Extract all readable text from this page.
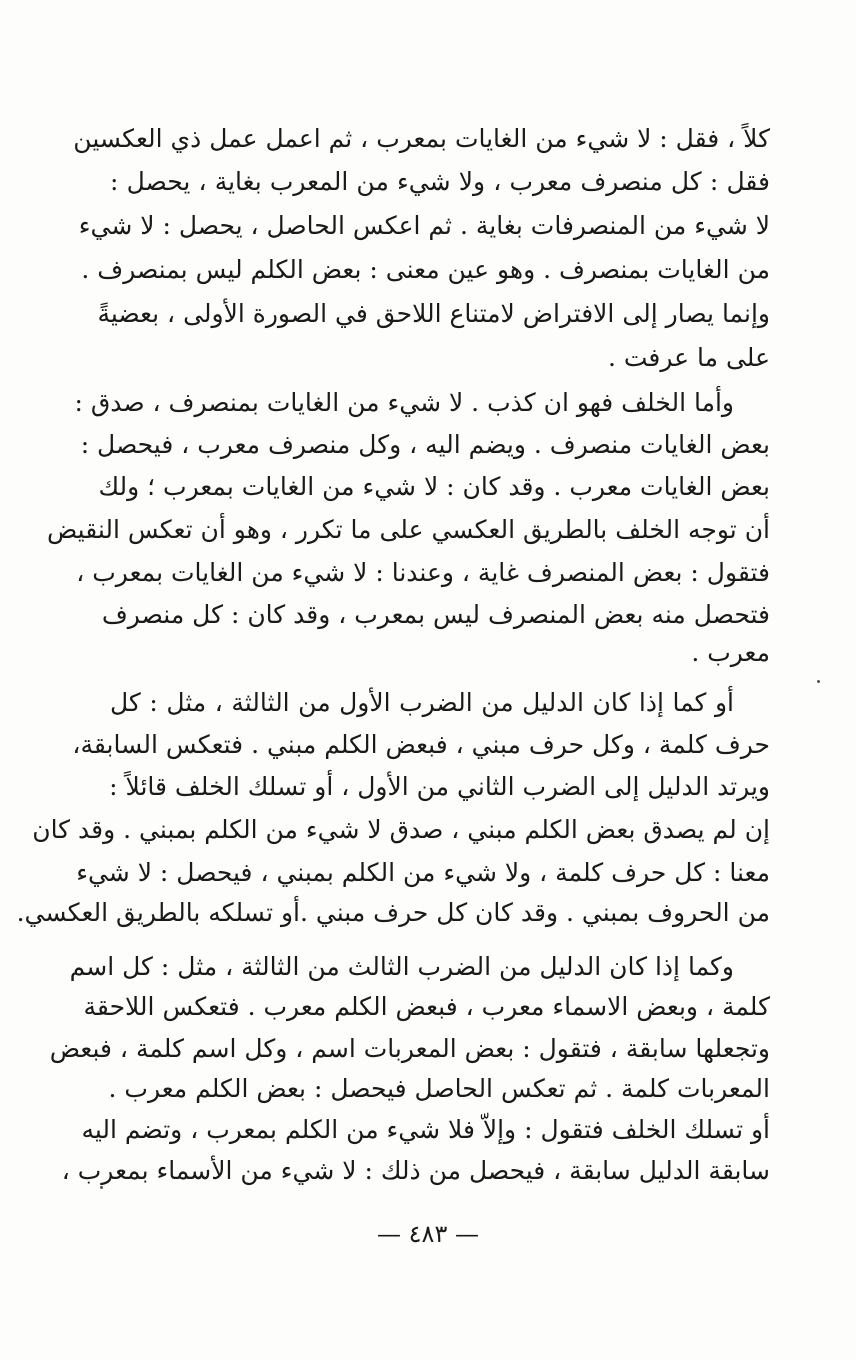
كلاً ، فقل : لا شيء من الغايات بمعرب ، ثم اعمل عمل ذي العكسين
فقل : كل منصرف معرب ، ولا شيء من المعرب بغاية ، يحصل :
لا شيء من المنصرفات بغاية . ثم اعكس الحاصل ، يحصل : لا شيء
من الغايات بمنصرف . وهو عين معنى : بعض الكلم ليس بمنصرف .
وإنما يصار إلى الافتراض لامتناع اللاحق في الصورة الأولى ، بعضيةً
على ما عرفت .
وأما الخلف فهو ان كذب . لا شيء من الغايات بمنصرف ، صدق :
بعض الغايات منصرف . ويضم اليه ، وكل منصرف معرب ، فيحصل :
بعض الغايات معرب . وقد كان : لا شيء من الغايات بمعرب ؛ ولك
أن توجه الخلف بالطريق العكسي على ما تكرر ، وهو أن تعكس النقيض
فتقول : بعض المنصرف غاية ، وعندنا : لا شيء من الغايات بمعرب ،
فتحصل منه بعض المنصرف ليس بمعرب ، وقد كان : كل منصرف
معرب .
أو كما إذا كان الدليل من الضرب الأول من الثالثة ، مثل : كل
حرف كلمة ، وكل حرف مبني ، فبعض الكلم مبني . فتعكس السابقة،
ويرتد الدليل إلى الضرب الثاني من الأول ، أو تسلك الخلف قائلاً :
إن لم يصدق بعض الكلم مبني ، صدق لا شيء من الكلم بمبني . وقد كان
معنا : كل حرف كلمة ، ولا شيء من الكلم بمبني ، فيحصل : لا شيء
من الحروف بمبني . وقد كان كل حرف مبني .أو تسلكه بالطريق العكسي.
وكما إذا كان الدليل من الضرب الثالث من الثالثة ، مثل : كل اسم
كلمة ، وبعض الاسماء معرب ، فبعض الكلم معرب . فتعكس اللاحقة
وتجعلها سابقة ، فتقول : بعض المعربات اسم ، وكل اسم كلمة ، فبعض
المعربات كلمة . ثم تعكس الحاصل فيحصل : بعض الكلم معرب .
أو تسلك الخلف فتقول : وإلاّ فلا شيء من الكلم بمعرب ، وتضم اليه
سابقة الدليل سابقة ، فيحصل من ذلك : لا شيء من الأسماء بمعرب ،
— ٤٨٣ —
